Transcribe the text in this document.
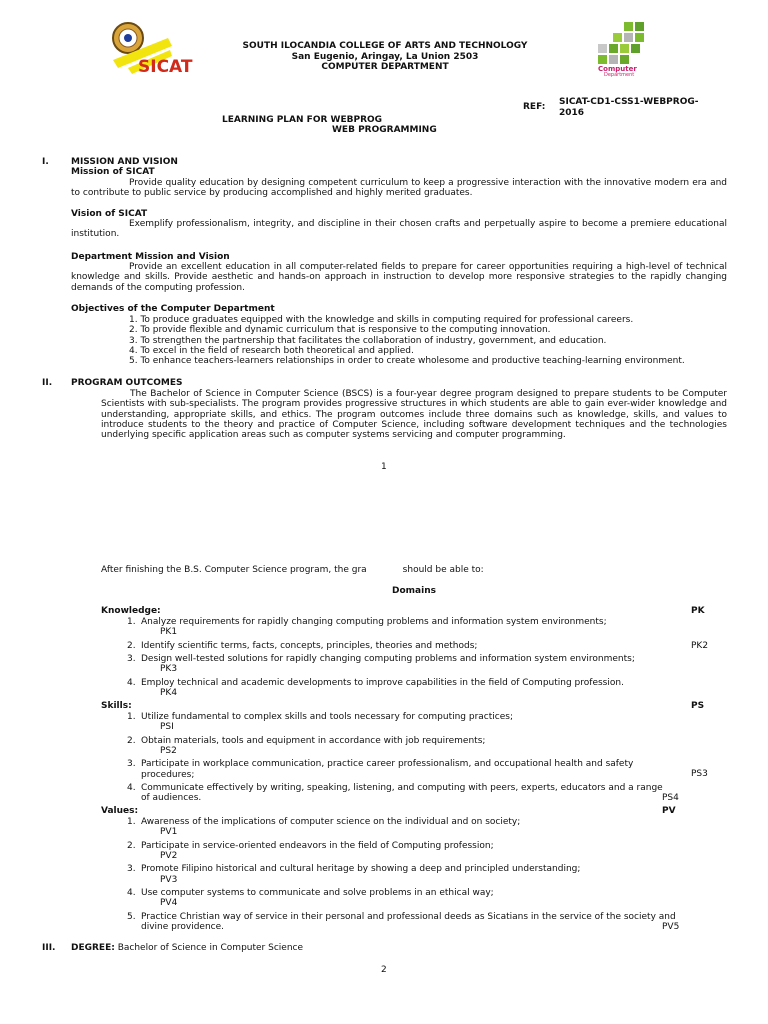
SICAT	Computer
Department
SOUTH ILOCANDIA COLLEGE OF ARTS AND TECHNOLOGY
San Eugenio, Aringay, La Union 2503
COMPUTER DEPARTMENT
LEARNING PLAN FOR WEBPROG
WEB PROGRAMMING
REF: SICAT-CD1-CSS1-WEBPROG-
2016
I. MISSION AND VISION
Mission of SICAT
Provide quality education by designing competent curriculum to keep a progressive interaction with the innovative modern era and to contribute to public service by producing accomplished and highly merited graduates.
Vision of SICAT
Exemplify professionalism, integrity, and discipline in their chosen crafts and perpetually aspire to become a premiere educational institution.
Department Mission and Vision
Provide an excellent education in all computer-related fields to prepare for career opportunities requiring a high-level of technical knowledge and skills. Provide aesthetic and hands-on approach in instruction to develop more responsive strategies to the rapidly changing demands of the computing profession.
Objectives of the Computer Department
1. To produce graduates equipped with the knowledge and skills in computing required for professional careers.
2. To provide flexible and dynamic curriculum that is responsive to the computing innovation.
3. To strengthen the partnership that facilitates the collaboration of industry, government, and education.
4. To excel in the field of research both theoretical and applied.
5. To enhance teachers-learners relationships in order to create wholesome and productive teaching-learning environment.
II. PROGRAM OUTCOMES
The Bachelor of Science in Computer Science (BSCS) is a four-year degree program designed to prepare students to be Computer Scientists with sub-specialists. The program provides progressive structures in which students are able to gain ever-wider knowledge and understanding, appropriate skills, and ethics. The program outcomes include three domains such as knowledge, skills, and values to introduce students to the theory and practice of Computer Science, including software development techniques and the technologies underlying specific application areas such as computer systems servicing and computer programming.
1
After finishing the B.S. Computer Science program, the gra	should be able to:
Domains
Knowledge:	PK
1. Analyze requirements for rapidly changing computing problems and information system environments;
PK1
2. Identify scientific terms, facts, concepts, principles, theories and methods;	PK2
3. Design well-tested solutions for rapidly changing computing problems and information system environments;
PK3
4. Employ technical and academic developments to improve capabilities in the field of Computing profession.
PK4
Skills:	PS
1. Utilize fundamental to complex skills and tools necessary for computing practices;
PSI
2. Obtain materials, tools and equipment in accordance with job requirements;
PS2
3. Participate in workplace communication, practice career professionalism, and occupational health and safety procedures;	PS3
4. Communicate effectively by writing, speaking, listening, and computing with peers, experts, educators and a range of audiences.	PS4
Values:	PV
1. Awareness of the implications of computer science on the individual and on society;
PV1
2. Participate in service-oriented endeavors in the field of Computing profession;
PV2
3. Promote Filipino historical and cultural heritage by showing a deep and principled understanding;
PV3
4. Use computer systems to communicate and solve problems in an ethical way;
PV4
5. Practice Christian way of service in their personal and professional deeds as Sicatians in the service of the society and divine providence.	PV5
III. DEGREE: Bachelor of Science in Computer Science
2
